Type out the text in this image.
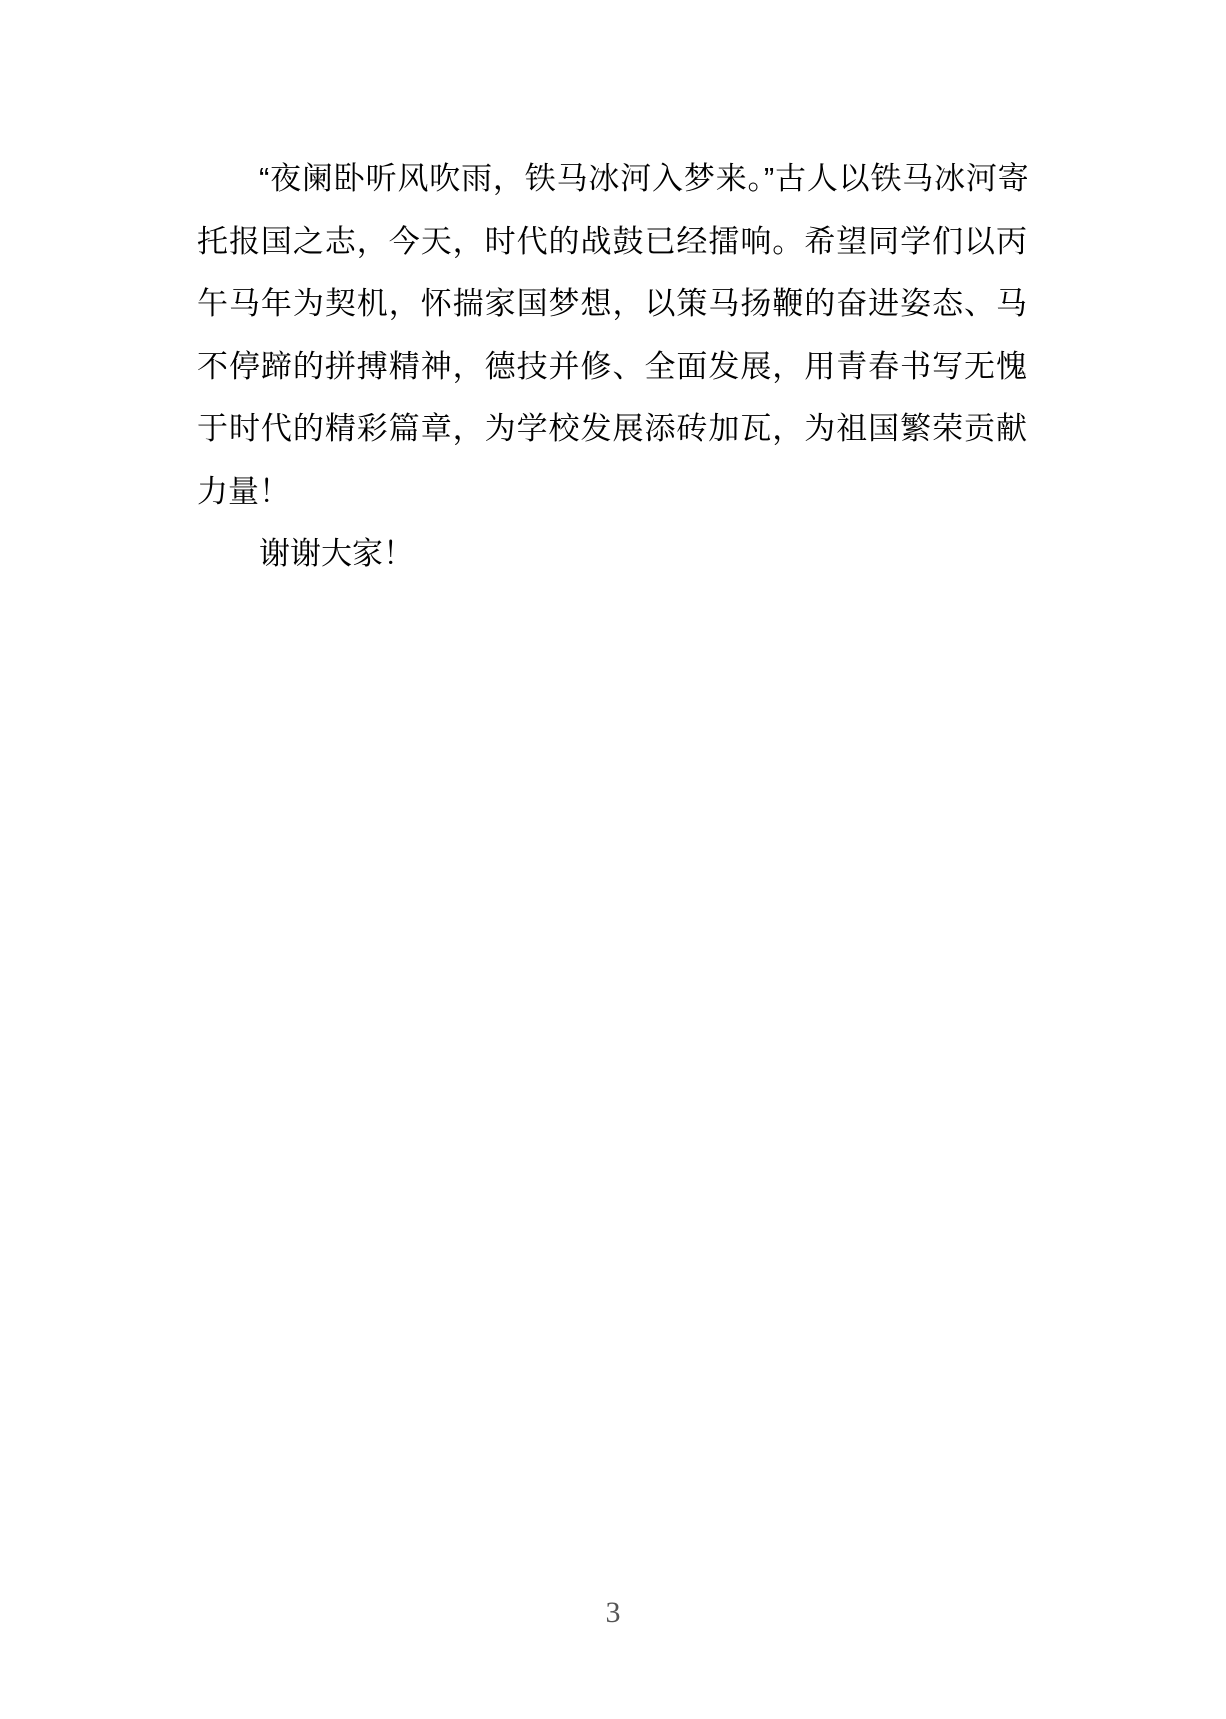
“夜阑卧听风吹雨，铁马冰河入梦来。”古人以铁马冰河寄
托报国之志，今天，时代的战鼓已经擂响。希望同学们以丙
午马年为契机，怀揣家国梦想，以策马扬鞭的奋进姿态、马
不停蹄的拼搏精神，德技并修、全面发展，用青春书写无愧
于时代的精彩篇章，为学校发展添砖加瓦，为祖国繁荣贡献
力量！
谢谢大家！
3
